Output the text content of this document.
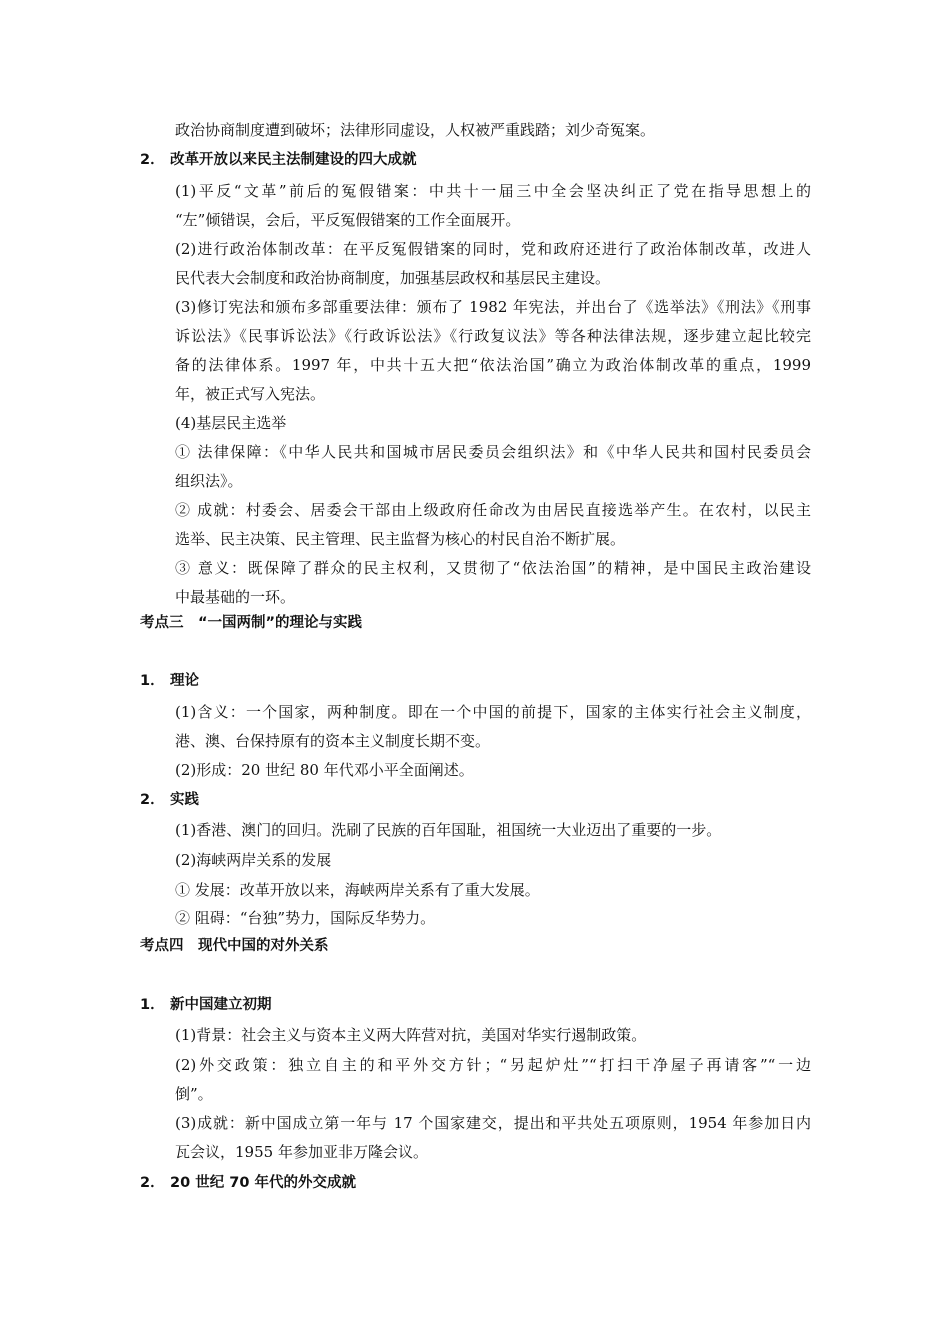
政治协商制度遭到破坏；法律形同虚设，人权被严重践踏；刘少奇冤案。
2． 改革开放以来民主法制建设的四大成就
(1)平反“文革”前后的冤假错案：中共十一届三中全会坚决纠正了党在指导思想上的
“左”倾错误，会后，平反冤假错案的工作全面展开。
(2)进行政治体制改革：在平反冤假错案的同时，党和政府还进行了政治体制改革，改进人
民代表大会制度和政治协商制度，加强基层政权和基层民主建设。
(3)修订宪法和颁布多部重要法律：颁布了 1982 年宪法，并出台了《选举法》《刑法》《刑事
诉讼法》《民事诉讼法》《行政诉讼法》《行政复议法》等各种法律法规，逐步建立起比较完
备的法律体系。1997 年，中共十五大把“依法治国”确立为政治体制改革的重点，1999
年，被正式写入宪法。
(4)基层民主选举
① 法律保障：《中华人民共和国城市居民委员会组织法》和《中华人民共和国村民委员会
组织法》。
② 成就：村委会、居委会干部由上级政府任命改为由居民直接选举产生。在农村，以民主
选举、民主决策、民主管理、民主监督为核心的村民自治不断扩展。
③ 意义：既保障了群众的民主权利，又贯彻了“依法治国”的精神，是中国民主政治建设
中最基础的一环。
考点三　“一国两制”的理论与实践
1． 理论
(1)含义：一个国家，两种制度。即在一个中国的前提下，国家的主体实行社会主义制度，
港、澳、台保持原有的资本主义制度长期不变。
(2)形成：20 世纪 80 年代邓小平全面阐述。
2． 实践
(1)香港、澳门的回归。洗刷了民族的百年国耻，祖国统一大业迈出了重要的一步。
(2)海峡两岸关系的发展
① 发展：改革开放以来，海峡两岸关系有了重大发展。
② 阻碍：“台独”势力，国际反华势力。
考点四　现代中国的对外关系
1． 新中国建立初期
(1)背景：社会主义与资本主义两大阵营对抗，美国对华实行遏制政策。
(2)外交政策：独立自主的和平外交方针；“另起炉灶”“打扫干净屋子再请客”“一边
倒”。
(3)成就：新中国成立第一年与 17 个国家建交，提出和平共处五项原则，1954 年参加日内
瓦会议，1955 年参加亚非万隆会议。
2． 20 世纪 70 年代的外交成就
